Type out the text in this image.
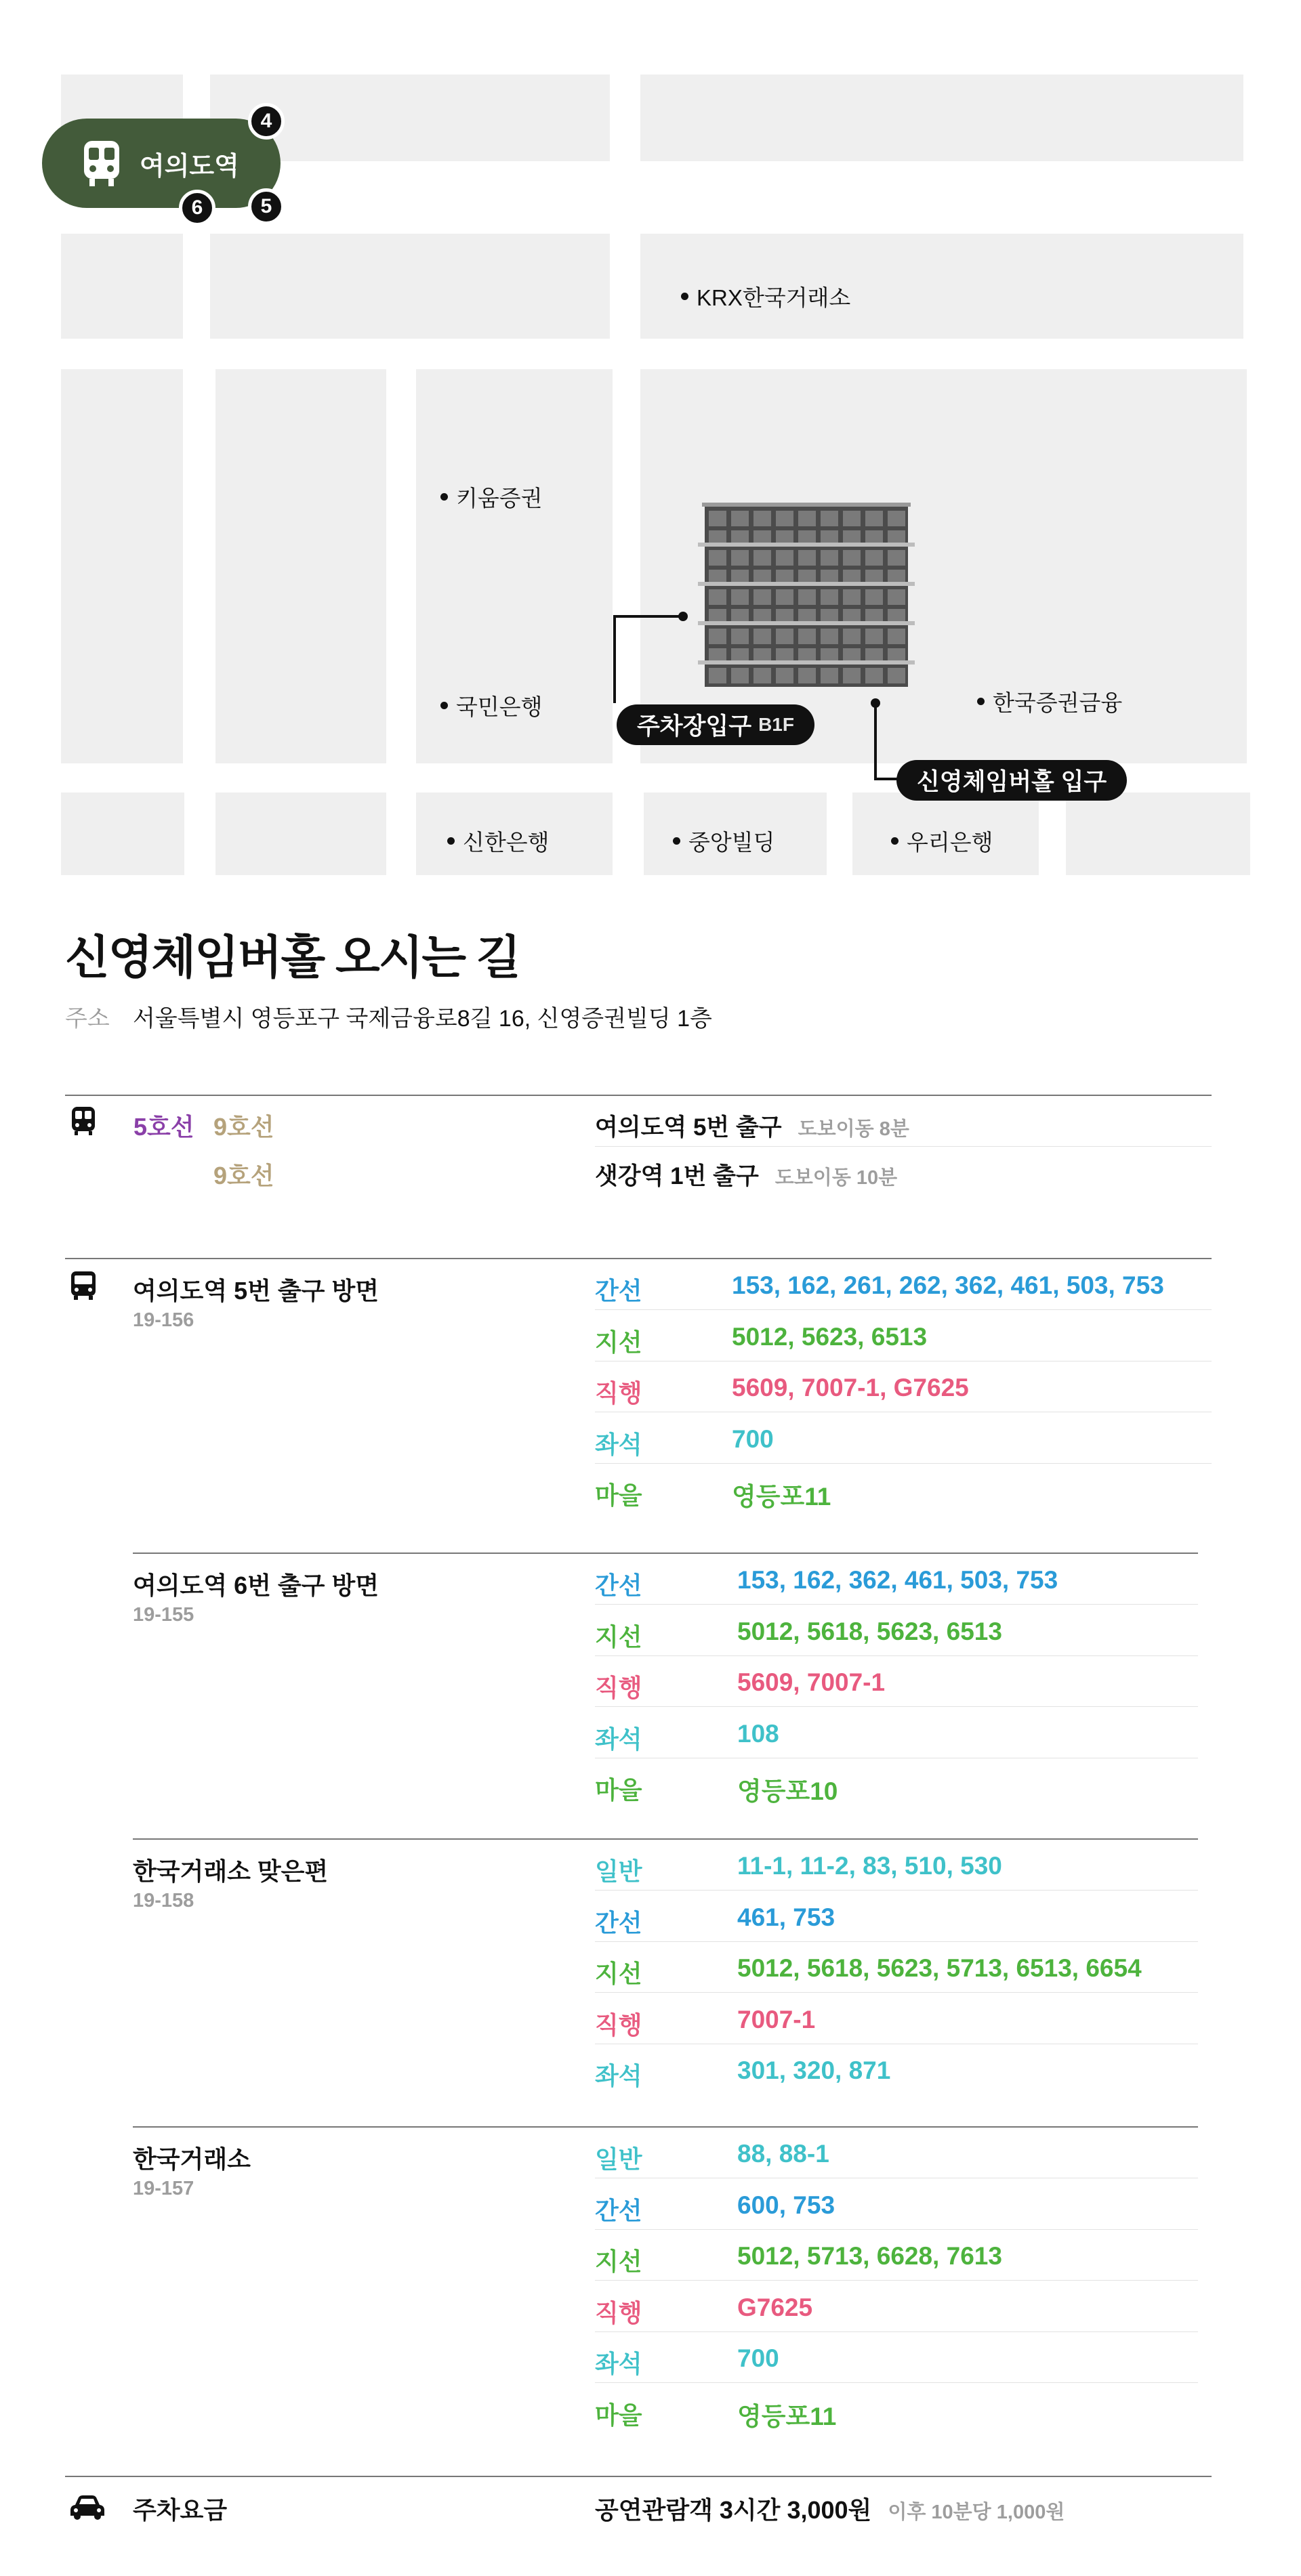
여의도역
4
6	5
KRX한국거래소
키움증권
국민은행	한국증권금융
신한은행	중앙빌딩	우리은행
주차장입구 B1F
신영체임버홀 입구
신영체임버홀 오시는 길
주소	서울특별시 영등포구 국제금융로8길 16, 신영증권빌딩 1층
5호선 9호선	여의도역 5번 출구 도보이동 8분
9호선	샛강역 1번 출구 도보이동 10분
여의도역 5번 출구 방면
19-156
간선	153, 162, 261, 262, 362, 461, 503, 753
지선	5012, 5623, 6513
직행	5609, 7007-1, G7625
좌석	700
마을	영등포11
여의도역 6번 출구 방면
19-155
간선	153, 162, 362, 461, 503, 753
지선	5012, 5618, 5623, 6513
직행	5609, 7007-1
좌석	108
마을	영등포10
한국거래소 맞은편
19-158
일반	11-1, 11-2, 83, 510, 530
간선	461, 753
지선	5012, 5618, 5623, 5713, 6513, 6654
직행	7007-1
좌석	301, 320, 871
한국거래소
19-157
일반	88, 88-1
간선	600, 753
지선	5012, 5713, 6628, 7613
직행	G7625
좌석	700
마을	영등포11
주차요금	공연관람객 3시간 3,000원 이후 10분당 1,000원
